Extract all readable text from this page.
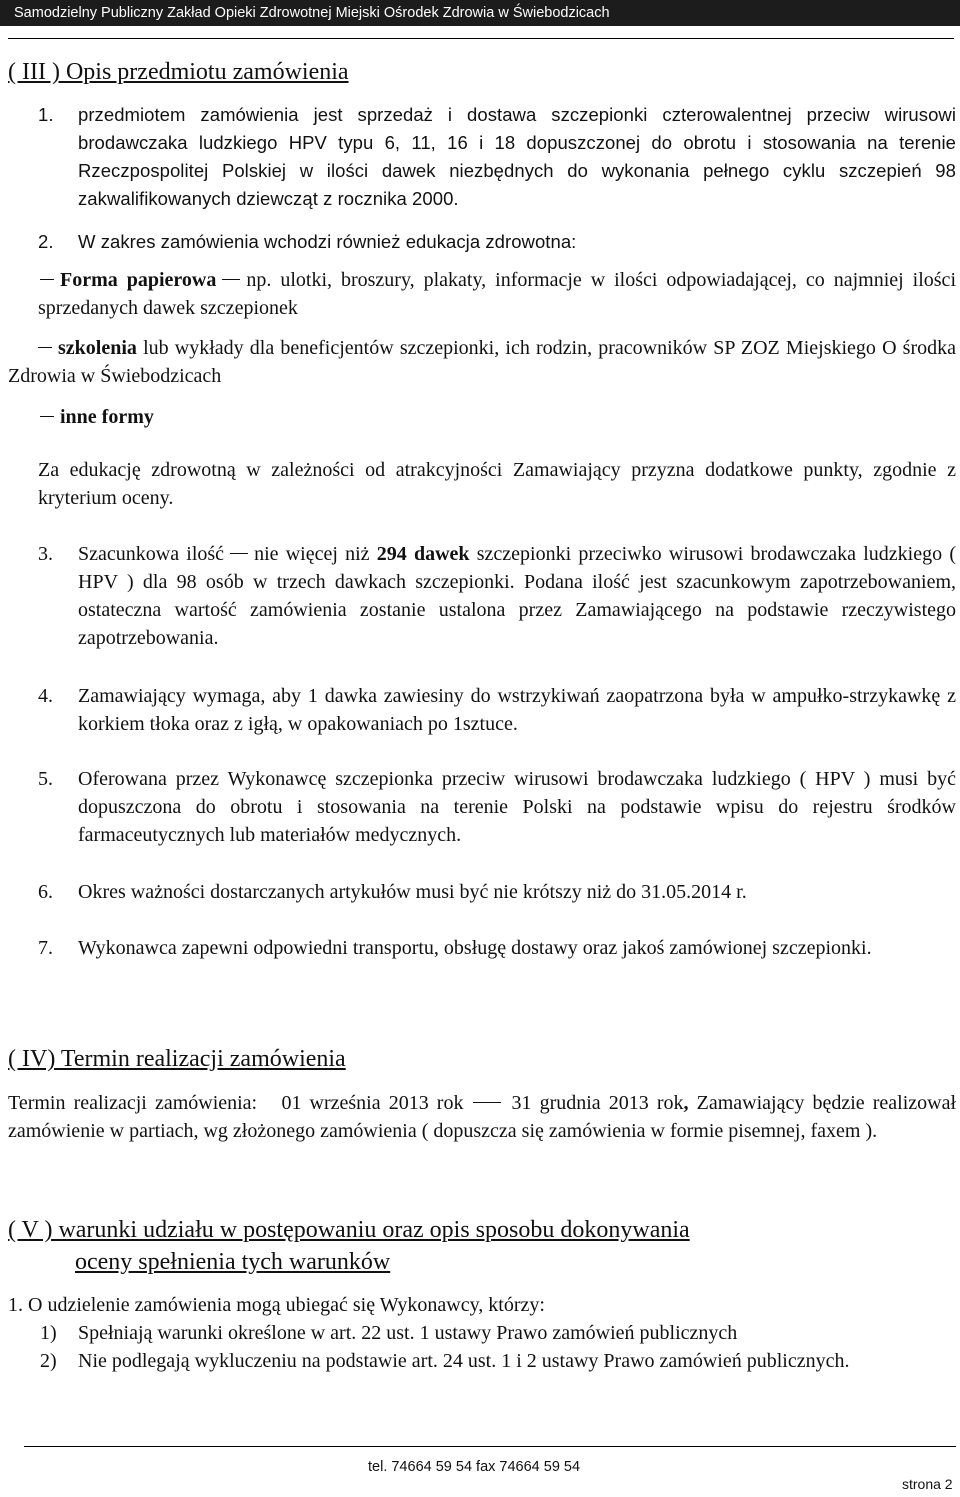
Samodzielny Publiczny Zakład Opieki Zdrowotnej Miejski Ośrodek Zdrowia w Świebodzicach
( III ) Opis przedmiotu zamówienia
1. przedmiotem zamówienia jest sprzedaż i dostawa szczepionki czterowalentnej przeciw wirusowi brodawczaka ludzkiego HPV typu 6, 11, 16 i 18 dopuszczonej do obrotu i stosowania na terenie Rzeczpospolitej Polskiej w ilości dawek niezbędnych do wykonania pełnego cyklu szczepień 98 zakwalifikowanych dziewcząt z rocznika 2000.
2. W zakres zamówienia wchodzi również edukacja zdrowotna:
Forma papierowa np. ulotki, broszury, plakaty, informacje w ilości odpowiadającej, co najmniej ilości sprzedanych dawek szczepionek
szkolenia lub wykłady dla beneficjentów szczepionki, ich rodzin, pracowników SP ZOZ Miejskiego O środka Zdrowia w Świebodzicach
inne formy
Za edukację zdrowotną w zależności od atrakcyjności Zamawiający przyzna dodatkowe punkty, zgodnie z kryterium oceny.
3. Szacunkowa ilość nie więcej niż 294 dawek szczepionki przeciwko wirusowi brodawczaka ludzkiego ( HPV ) dla 98 osób w trzech dawkach szczepionki. Podana ilość jest szacunkowym zapotrzebowaniem, ostateczna wartość zamówienia zostanie ustalona przez Zamawiającego na podstawie rzeczywistego zapotrzebowania.
4. Zamawiający wymaga, aby 1 dawka zawiesiny do wstrzykiwań zaopatrzona była w ampułko-strzykawkę z korkiem tłoka oraz z igłą, w opakowaniach po 1sztuce.
5. Oferowana przez Wykonawcę szczepionka przeciw wirusowi brodawczaka ludzkiego ( HPV ) musi być dopuszczona do obrotu i stosowania na terenie Polski na podstawie wpisu do rejestru środków farmaceutycznych lub materiałów medycznych.
6. Okres ważności dostarczanych artykułów musi być nie krótszy niż do 31.05.2014 r.
7. Wykonawca zapewni odpowiedni transportu, obsługę dostawy oraz jakoś zamówionej szczepionki.
( IV) Termin realizacji zamówienia
Termin realizacji zamówienia: 01 września 2013 rok 31 grudnia 2013 rok, Zamawiający będzie realizował zamówienie w partiach, wg złożonego zamówienia ( dopuszcza się zamówienia w formie pisemnej, faxem ).
( V ) warunki udziału w postępowaniu oraz opis sposobu dokonywania
oceny spełnienia tych warunków
1. O udzielenie zamówienia mogą ubiegać się Wykonawcy, którzy:
1) Spełniają warunki określone w art. 22 ust. 1 ustawy Prawo zamówień publicznych
2) Nie podlegają wykluczeniu na podstawie art. 24 ust. 1 i 2 ustawy Prawo zamówień publicznych.
tel. 74664 59 54 fax 74664 59 54
strona 2
